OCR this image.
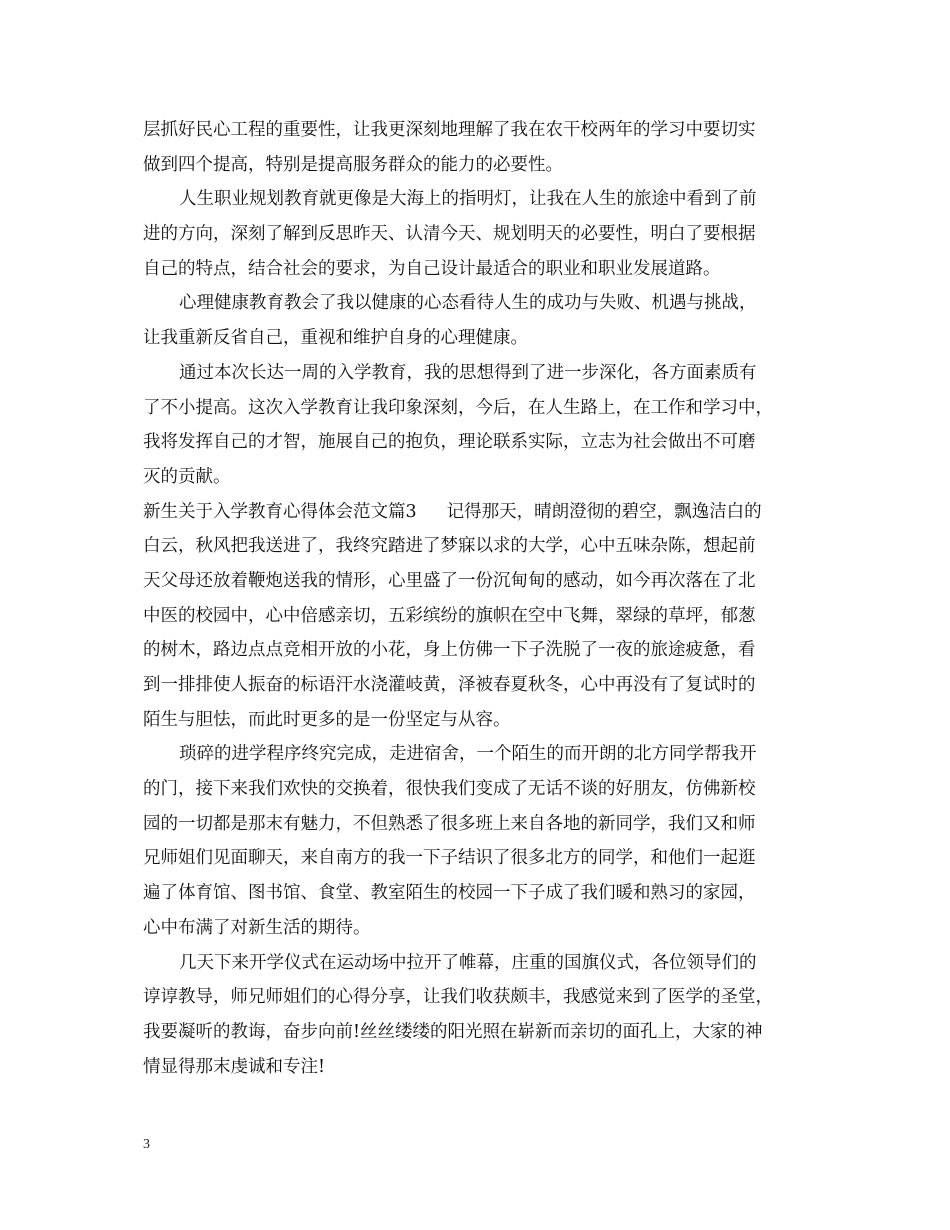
层抓好民心工程的重要性，让我更深刻地理解了我在农干校两年的学习中要切实
做到四个提高，特别是提高服务群众的能力的必要性。
人生职业规划教育就更像是大海上的指明灯，让我在人生的旅途中看到了前
进的方向，深刻了解到反思昨天、认清今天、规划明天的必要性，明白了要根据
自己的特点，结合社会的要求，为自己设计最适合的职业和职业发展道路。
心理健康教育教会了我以健康的心态看待人生的成功与失败、机遇与挑战，
让我重新反省自己，重视和维护自身的心理健康。
通过本次长达一周的入学教育，我的思想得到了进一步深化，各方面素质有
了不小提高。这次入学教育让我印象深刻，今后，在人生路上，在工作和学习中，
我将发挥自己的才智，施展自己的抱负，理论联系实际，立志为社会做出不可磨
灭的贡献。
新生关于入学教育心得体会范文篇3 记得那天，晴朗澄彻的碧空，飘逸洁白的
白云，秋风把我送进了，我终究踏进了梦寐以求的大学，心中五味杂陈，想起前
天父母还放着鞭炮送我的情形，心里盛了一份沉甸甸的感动，如今再次落在了北
中医的校园中，心中倍感亲切，五彩缤纷的旗帜在空中飞舞，翠绿的草坪，郁葱
的树木，路边点点竞相开放的小花，身上仿佛一下子洗脱了一夜的旅途疲惫，看
到一排排使人振奋的标语汗水浇灌岐黄，泽被春夏秋冬，心中再没有了复试时的
陌生与胆怯，而此时更多的是一份坚定与从容。
琐碎的进学程序终究完成，走进宿舍，一个陌生的而开朗的北方同学帮我开
的门，接下来我们欢快的交换着，很快我们变成了无话不谈的好朋友，仿佛新校
园的一切都是那末有魅力，不但熟悉了很多班上来自各地的新同学，我们又和师
兄师姐们见面聊天，来自南方的我一下子结识了很多北方的同学，和他们一起逛
遍了体育馆、图书馆、食堂、教室陌生的校园一下子成了我们暖和熟习的家园，
心中布满了对新生活的期待。
几天下来开学仪式在运动场中拉开了帷幕，庄重的国旗仪式，各位领导们的
谆谆教导，师兄师姐们的心得分享，让我们收获颇丰，我感觉来到了医学的圣堂，
我要凝听的教诲，奋步向前!丝丝缕缕的阳光照在崭新而亲切的面孔上，大家的神
情显得那末虔诚和专注!
3
